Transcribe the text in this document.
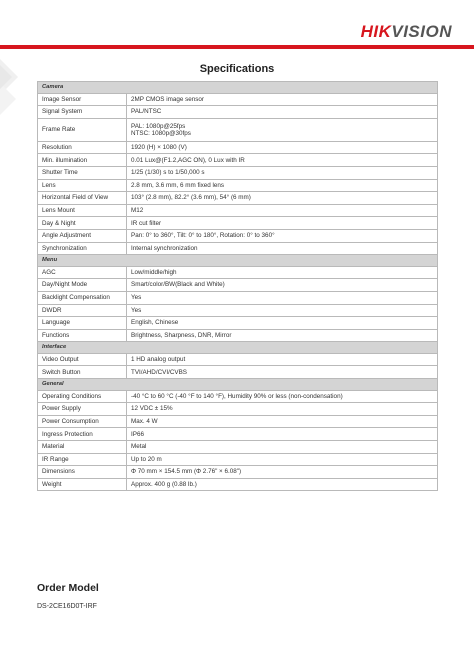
HIKVISION
Specifications
Camera	
Image Sensor	2MP CMOS image sensor

Signal System	PAL/NTSC

Frame Rate	PAL: 1080p@25fps
NTSC: 1080p@30fps

Resolution	1920 (H) × 1080 (V)

Min. illumination	0.01 Lux@(F1.2,AGC ON), 0 Lux with IR

Shutter Time	1/25 (1/30) s to 1/50,000 s

Lens	2.8 mm, 3.6 mm, 6 mm fixed lens

Horizontal Field of View	103° (2.8 mm), 82.2° (3.6 mm), 54° (6 mm)

Lens Mount	M12

Day & Night	IR cut filter

Angle Adjustment	Pan: 0° to 360°, Tilt: 0° to 180°, Rotation: 0° to 360°

Synchronization	Internal synchronization

Menu	
AGC	Low/middle/high

Day/Night Mode	Smart/color/BW(Black and White)

Backlight Compensation	Yes

DWDR	Yes

Language	English, Chinese

Functions	Brightness, Sharpness, DNR, Mirror

Interface	
Video Output	1 HD analog output

Switch Button	TVI/AHD/CVI/CVBS

General	
Operating Conditions	-40 °C to 60 °C (-40 °F to 140 °F), Humidity 90% or less (non-condensation)

Power Supply	12 VDC ± 15%

Power Consumption	Max. 4 W

Ingress Protection	IP66

Material	Metal

IR Range	Up to 20 m

Dimensions	Φ 70 mm × 154.5 mm (Φ 2.76" × 6.08")

Weight	Approx. 400 g (0.88 lb.)
Order Model
DS-2CE16D0T-IRF
